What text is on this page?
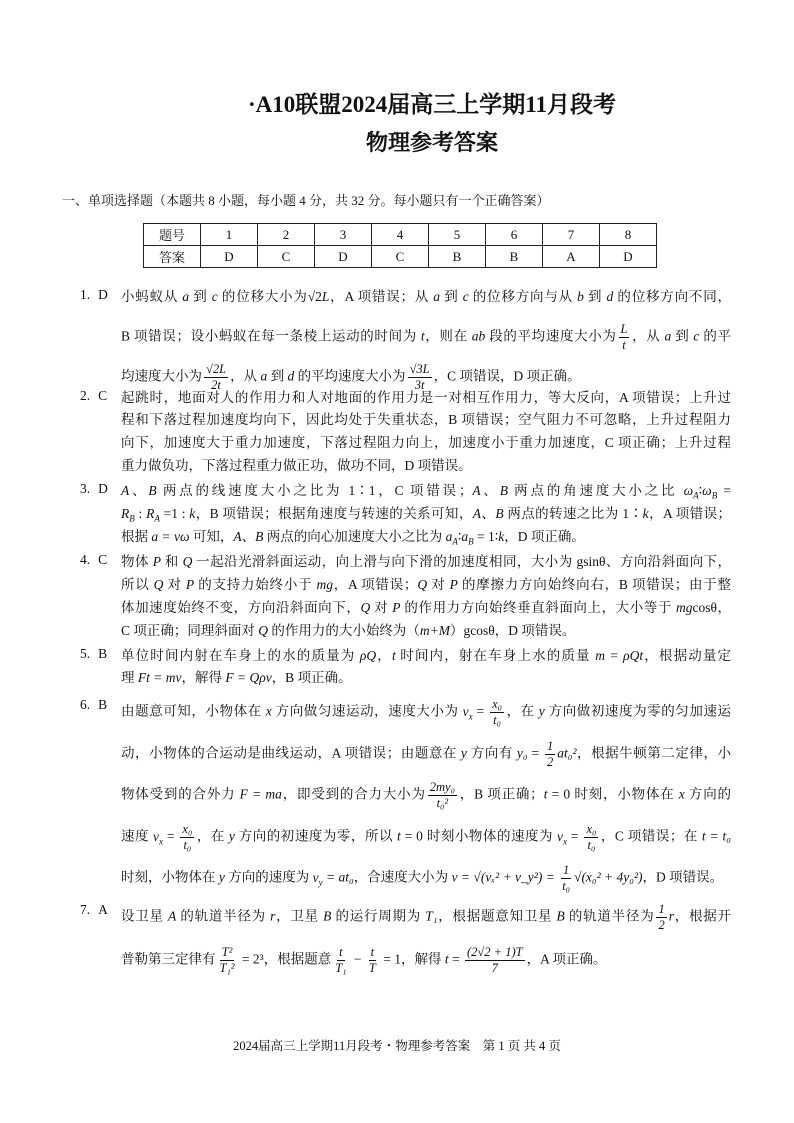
·A10联盟2024届高三上学期11月段考
物理参考答案
一、单项选择题（本题共 8 小题，每小题 4 分，共 32 分。每小题只有一个正确答案）
题号	1	2	3	4	5	6	7	8
答案	D	C	D	C	B	B	A	D
1. D 小蚂蚁从 a 到 c 的位移大小为√2L，A 项错误；从 a 到 c 的位移方向与从 b 到 d 的位移方向不同，
B 项错误；设小蚂蚁在每一条棱上运动的时间为 t，则在 ab 段的平均速度大小为 $\frac{L}{t}$ ，从 a 到 c 的平
均速度大小为 $\frac{√2L}{2t}$ ，从 a 到 d 的平均速度大小为 $\frac{√3L}{3t}$ ，C 项错误，D 项正确。
2. C 起跳时，地面对人的作用力和人对地面的作用力是一对相互作用力，等大反向，A 项错误；上升过
程和下落过程加速度均向下，因此均处于失重状态，B 项错误；空气阻力不可忽略，上升过程阻力
向下，加速度大于重力加速度，下落过程阻力向上，加速度小于重力加速度，C 项正确；上升过程
重力做负功，下落过程重力做正功，做功不同，D 项错误。
3. D A、B 两点的线速度大小之比为 1∶1，C 项错误；A、B 两点的角速度大小之比 $\omega_A∶\omega_B$ =
$R_B$ : $R_A =1$ : k，B 项错误；根据角速度与转速的关系可知，A、B 两点的转速之比为 1∶k，A 项错误；
根据 a = vω 可知，A、B 两点的向心加速度大小之比为 $a_A∶a_B$ = 1∶k，D 项正确。
4. C 物体 P 和 Q 一起沿光滑斜面运动，向上滑与向下滑的加速度相同，大小为 gsinθ、方向沿斜面向下，
所以 Q 对 P 的支持力始终小于 mg，A 项错误；Q 对 P 的摩擦力方向始终向右，B 项错误；由于整
体加速度始终不变，方向沿斜面向下，Q 对 P 的作用力方向始终垂直斜面向上，大小等于 mgcosθ，
C 项正确；同理斜面对 Q 的作用力的大小始终为（m+M）gcosθ，D 项错误。
5. B 单位时间内射在车身上的水的质量为 ρQ，t 时间内，射在车身上水的质量 m = ρQt，根据动量定
理 Ft = mv，解得 F = Qρv，B 项正确。
6. B 由题意可知，小物体在 x 方向做匀速运动，速度大小为 $v_x = \frac{\text{x₀}}{\text{t₀}}$ ，在 y 方向做初速度为零的匀加速运
动，小物体的合运动是曲线运动，A 项错误；由题意在 y 方向有 $y_0 = \frac{1}{2} at_0^2$，根据牛顿第二定律，小
物体受到的合外力 F = ma，即受到的合力大小为 $\frac{\text{2my₀}}{\text{t₀²}}$ ，B 项正确；t = 0 时刻，小物体在 x 方向的
速度 $v_x = \frac{\text{x₀}}{\text{t₀}}$ ，在 y 方向的初速度为零，所以 t = 0 时刻小物体的速度为 $v_x = \frac{\text{x₀}}{\text{t₀}}$ ，C 项错误；在 t = t₀
时刻，小物体在 y 方向的速度为 $v_y = at_0$，合速度大小为 v = √(vₓ² + v_y²) = $\frac{1}{\text{t₀}} √(x_0^2 + 4y_0^2)$，D 项错误。
7. A 设卫星 A 的轨道半径为 r，卫星 B 的运行周期为 T₁，根据题意知卫星 B 的轨道半径为 $\frac{1}{2}$ r，根据开
普勒第三定律有 $\frac{\text{T²}}{\text{T₁²}} = 2^3$，根据题意 $\frac{t}{\text{T₁}} - \frac{t}{T} = 1$，解得 $t = \frac{(2√2 + 1)T}{7}$ ，A 项正确。
2024届高三上学期11月段考・物理参考答案　第 1 页 共 4 页
